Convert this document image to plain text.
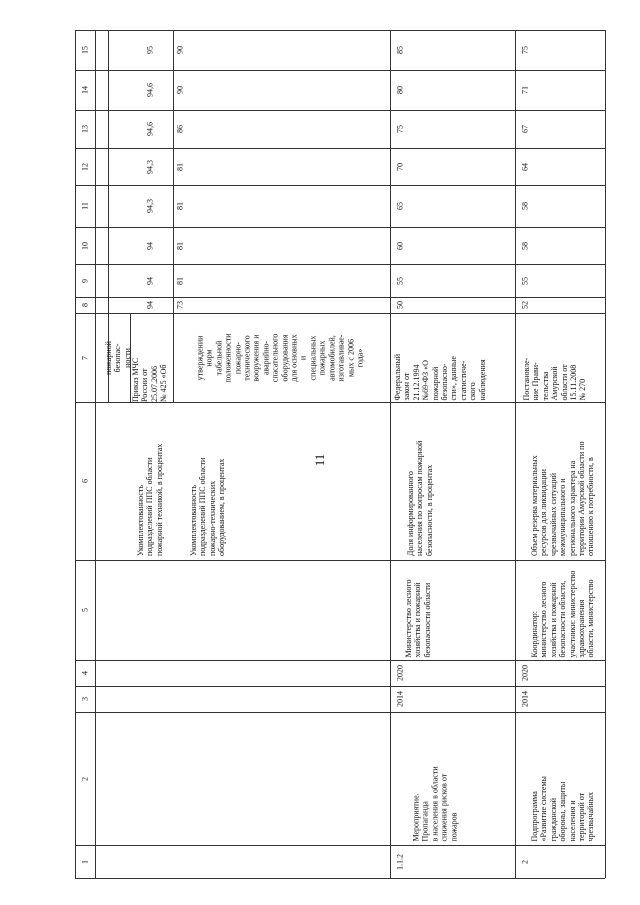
11
1
2
3
4
5
6
7
8
9
10
11
12
13
14
15
пожарной
безопас-
ности
Укомплектованность
подразделений ППС области
пожарной техникой, в процентах
Приказ МЧС
России от
25.07.2006
№ 425 «Об
94
94
94
94,3
94,3
94,6
94,6
95
Укомплектованность
подразделений ППС области
пожарно-технических
оборудованием, в процентах
утверждении
норм
табельной
положенности
пожарно-
технического
вооружения и
аварийно-
спасательного
оборудования
для основных
и
специальных
пожарных
автомобилей,
изготавливае-
мых с 2006
года»
73
81
81
81
81
86
90
90
1.1.2
Мероприятие.
Пропаганда
в населения в области
снижения рисков от
пожаров
2014
2020
Министерство лесного
хозяйства и пожарной
безопасности области
Доля информированного
населения по вопросам пожарной
безопасности, в процентах
Федеральный
закон от
21.12.1994
№69-ФЗ «О
пожарной
безопасно-
сти», данные
статистиче-
ского
наблюдения
50
55
60
65
70
75
80
85
2
Подпрограмма
«Развитие системы
гражданской
обороны, защиты
населения и
территорий от
чрезвычайных
2014
2020
Координатор:
министерство лесного
хозяйства и пожарной
безопасности области,
участники: министерство
здравоохранения
области, министерство
Объем резерва материальных
ресурсов для ликвидации
чрезвычайных ситуаций
межмуниципального и
регионального характера на
территории Амурской области по
отношению к потребности, в
Постановле-
ние Прави-
тельства
Амурской
области от
15.11.2008
№ 270
52
55
58
58
64
67
71
75
